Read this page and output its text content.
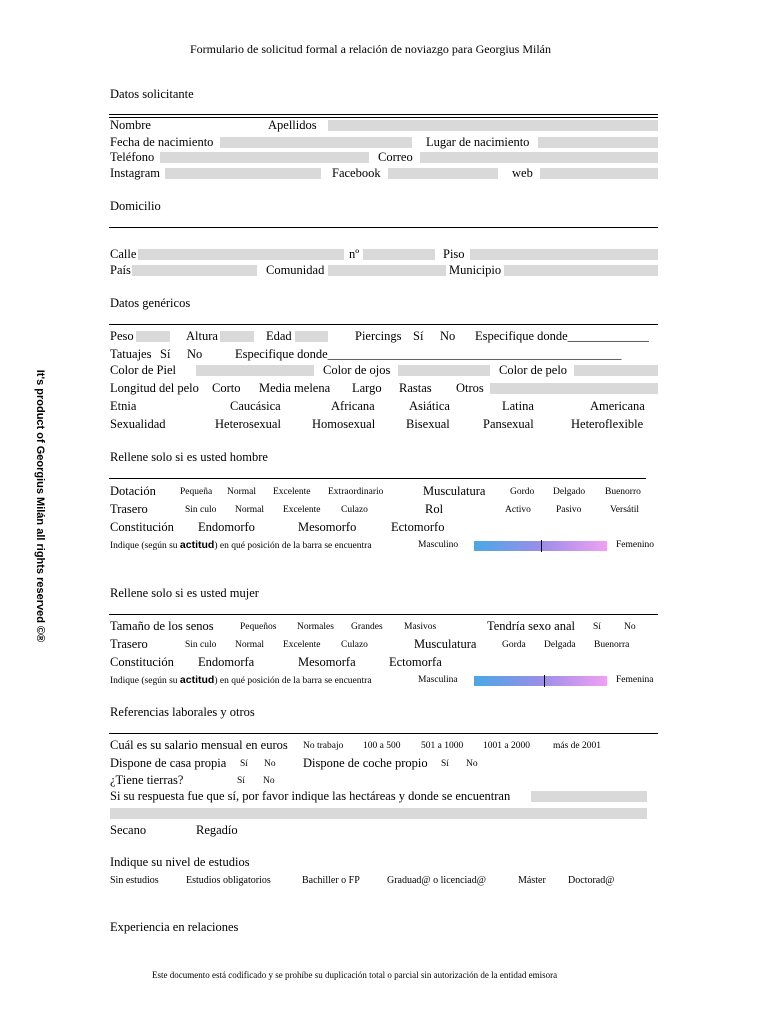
Formulario de solicitud formal a relación de noviazgo para Georgius Milán
It's product of Georgius Milán all rights reserved ©®
Datos solicitante
Nombre	Apellidos
Fecha de nacimiento	Lugar de nacimiento
Teléfono	Correo
Instagram	Facebook	web
Domicilio
Calle	nº	Piso
País	Comunidad	Municipio
Datos genéricos
Peso	Altura	Edad	Piercings Sí No Especifique donde_____________
Tatuajes Sí No	Especifique donde_______________________________________________
Color de Piel	Color de ojos	Color de pelo
Longitud del pelo Corto Media melena Largo Rastas Otros
Etnia	Caucásica	Africana	Asiática	Latina	Americana
Sexualidad	Heterosexual Homosexual Bisexual	Pansexual	Heteroflexible
Rellene solo si es usted hombre
Dotación	Pequeña Normal Excelente Extraordinario	Musculatura	Gordo Delgado Buenorro
Trasero	Sin culo Normal Excelente Culazo	Rol	Activo	Pasivo	Versátil
Constitución Endomorfo	Mesomorfo	Ectomorfo
Indique (según su actitud) en qué posición de la barra se encuentra	Masculino	Femenino
Rellene solo si es usted mujer
Tamaño de los senos	Pequeños Normales Grandes Masivos	Tendría sexo anal Sí No
Trasero	Sin culo Normal Excelente Culazo	Musculatura	Gorda Delgada Buenorra
Constitución Endomorfa	Mesomorfa	Ectomorfa
Indique (según su actitud) en qué posición de la barra se encuentra	Masculina	Femenina
Referencias laborales y otros
Cuál es su salario mensual en euros No trabajo 100 a 500 501 a 1000 1001 a 2000 más de 2001
Dispone de casa propia Sí No Dispone de coche propio Sí No
¿Tiene tierras?	Sí No
Si su respuesta fue que sí, por favor indique las hectáreas y donde se encuentran
Secano	Regadío
Indique su nivel de estudios
Sin estudios	Estudios obligatorios	Bachiller o FP	Graduad@ o licenciad@	Máster Doctorad@
Experiencia en relaciones
Este documento está codificado y se prohíbe su duplicación total o parcial sin autorización de la entidad emisora
